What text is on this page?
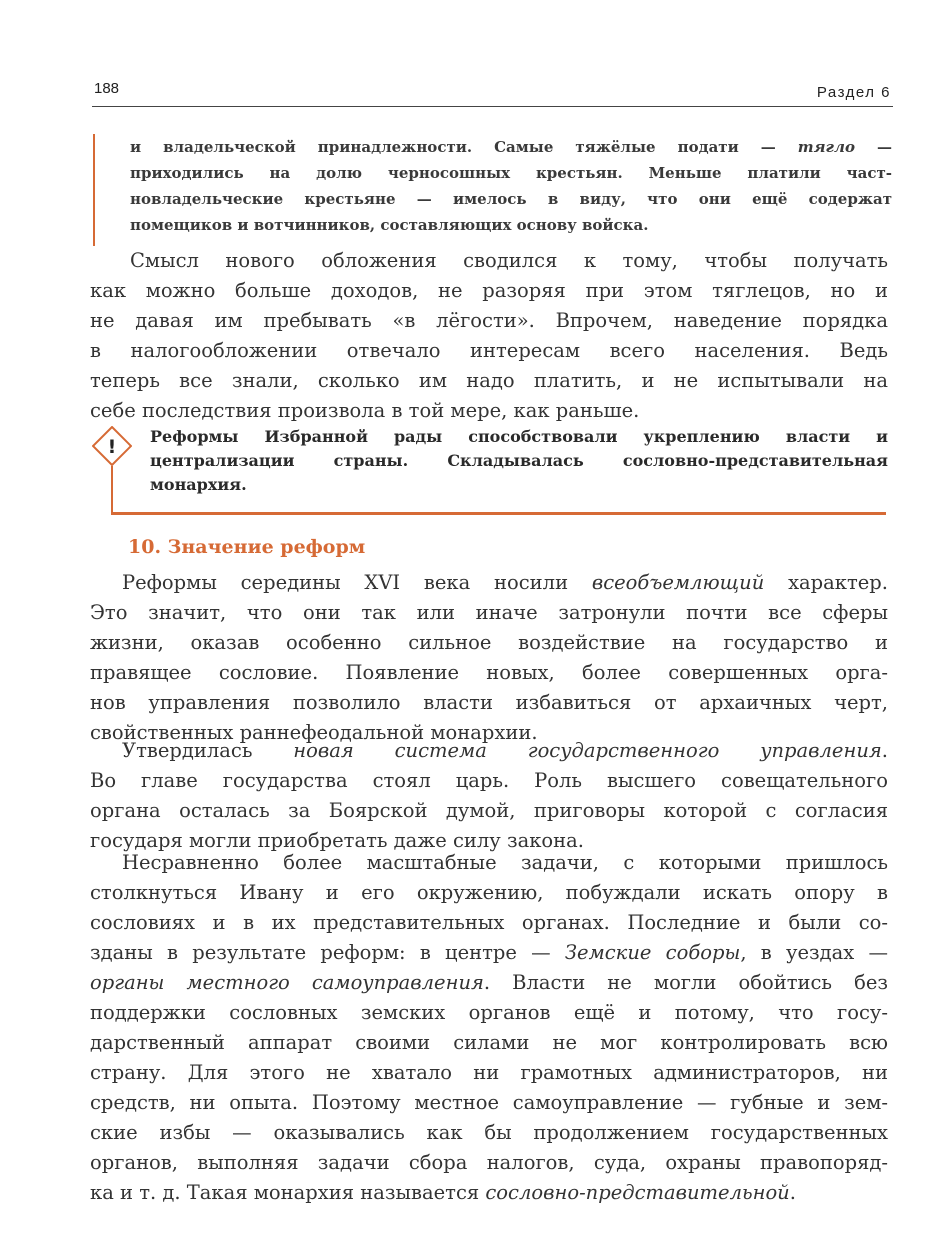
188	Раздел 6
и владельческой принадлежности. Самые тяжёлые подати — тягло —
приходились на долю черносошных крестьян. Меньше платили част-
новладельческие крестьяне — имелось в виду, что они ещё содержат
помещиков и вотчинников, составляющих основу войска.
Смысл нового обложения сводился к тому, чтобы получать
как можно больше доходов, не разоряя при этом тяглецов, но и
не давая им пребывать «в лёгости». Впрочем, наведение порядка
в налогообложении отвечало интересам всего населения. Ведь
теперь все знали, сколько им надо платить, и не испытывали на
себе последствия произвола в той мере, как раньше.
! Реформы Избранной рады способствовали укреплению власти и
централизации страны. Складывалась сословно-представительная
монархия.
10. Значение реформ
Реформы середины XVI века носили всеобъемлющий характер.
Это значит, что они так или иначе затронули почти все сферы
жизни, оказав особенно сильное воздействие на государство и
правящее сословие. Появление новых, более совершенных орга-
нов управления позволило власти избавиться от архаичных черт,
свойственных раннефеодальной монархии.
Утвердилась новая система государственного управления.
Во главе государства стоял царь. Роль высшего совещательного
органа осталась за Боярской думой, приговоры которой с согласия
государя могли приобретать даже силу закона.
Несравненно более масштабные задачи, с которыми пришлось
столкнуться Ивану и его окружению, побуждали искать опору в
сословиях и в их представительных органах. Последние и были со-
зданы в результате реформ: в центре — Земские соборы, в уездах —
органы местного самоуправления. Власти не могли обойтись без
поддержки сословных земских органов ещё и потому, что госу-
дарственный аппарат своими силами не мог контролировать всю
страну. Для этого не хватало ни грамотных администраторов, ни
средств, ни опыта. Поэтому местное самоуправление — губные и зем-
ские избы — оказывались как бы продолжением государственных
органов, выполняя задачи сбора налогов, суда, охраны правопоряд-
ка и т. д. Такая монархия называется сословно-представительной.
